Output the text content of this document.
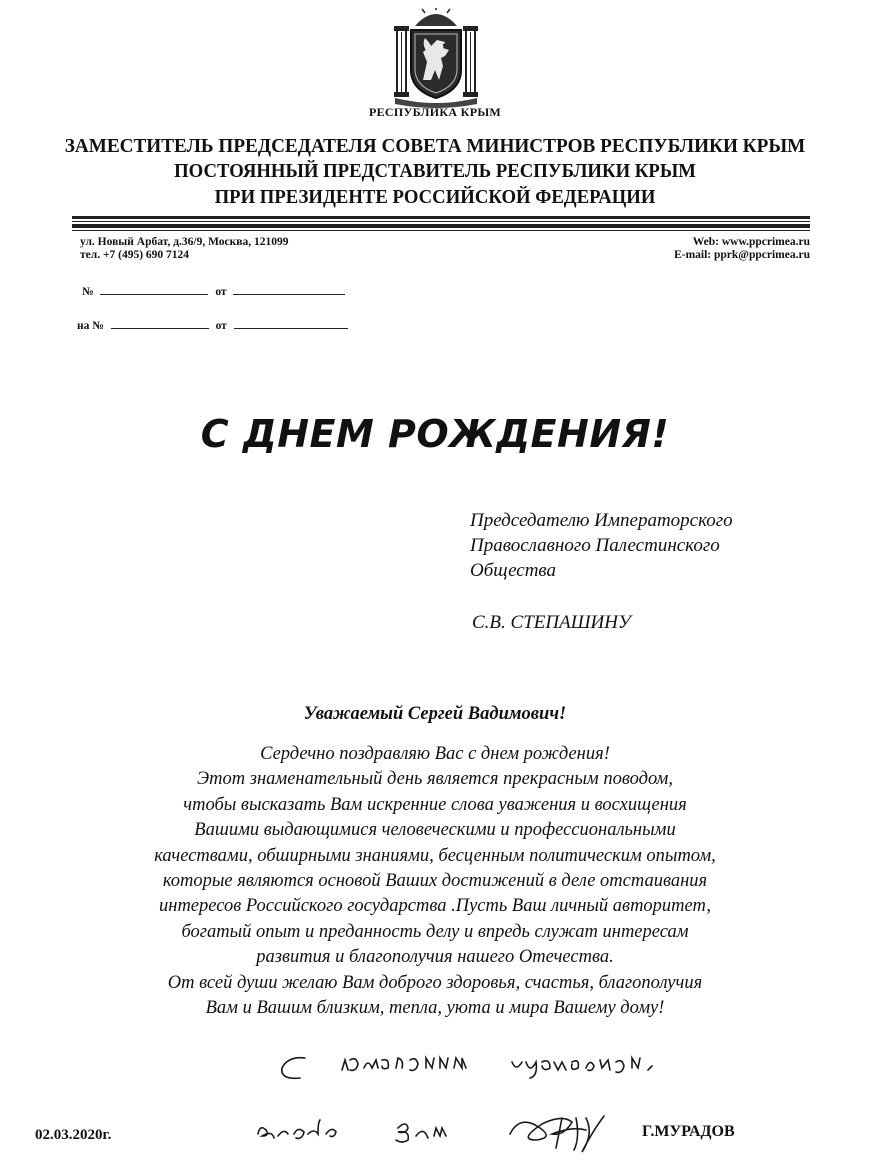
РЕСПУБЛИКА КРЫМ
ЗАМЕСТИТЕЛЬ ПРЕДСЕДАТЕЛЯ СОВЕТА МИНИСТРОВ РЕСПУБЛИКИ КРЫМ
ПОСТОЯННЫЙ ПРЕДСТАВИТЕЛЬ РЕСПУБЛИКИ КРЫМ
ПРИ ПРЕЗИДЕНТЕ РОССИЙСКОЙ ФЕДЕРАЦИИ
ул. Новый Арбат, д.36/9, Москва, 121099
тел. +7 (495) 690 7124
Web: www.ppcrimea.ru
E-mail: pprk@ppcrimea.ru
№	от
на №	от
С ДНЕМ РОЖДЕНИЯ!
Председателю Императорского
Православного Палестинского
Общества
С.В. СТЕПАШИНУ
Уважаемый Сергей Вадимович!
Сердечно поздравляю Вас с днем рождения!
Этот знаменательный день является прекрасным поводом,
чтобы высказать Вам искренние слова уважения и восхищения
Вашими выдающимися человеческими и профессиональными
качествами, обширными знаниями, бесценным политическим опытом,
которые являются основой Ваших достижений в деле отстаивания
интересов Российского государства .Пусть Ваш личный авторитет,
богатый опыт и преданность делу и впредь служат интересам
развития и благополучия нашего Отечества.
От всей души желаю Вам доброго здоровья, счастья, благополучия
Вам и Вашим близким, тепла, уюта и мира Вашему дому!
02.03.2020г.	Г.МУРАДОВ
